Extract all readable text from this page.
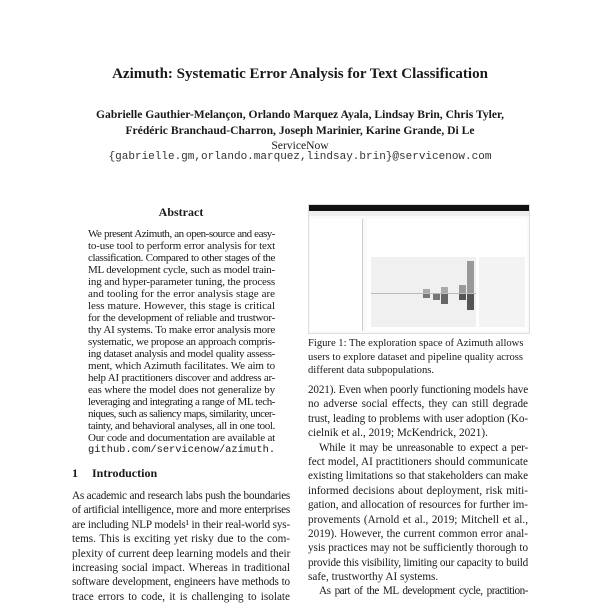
Azimuth: Systematic Error Analysis for Text Classification
Gabrielle Gauthier-Melançon, Orlando Marquez Ayala, Lindsay Brin, Chris Tyler,
Frédéric Branchaud-Charron, Joseph Marinier, Karine Grande, Di Le
ServiceNow
{gabrielle.gm,orlando.marquez,lindsay.brin}@servicenow.com
Abstract
We present Azimuth, an open-source and easy-
to-use tool to perform error analysis for text
classification. Compared to other stages of the
ML development cycle, such as model train-
ing and hyper-parameter tuning, the process
and tooling for the error analysis stage are
less mature. However, this stage is critical
for the development of reliable and trustwor-
thy AI systems. To make error analysis more
systematic, we propose an approach compris-
ing dataset analysis and model quality assess-
ment, which Azimuth facilitates. We aim to
help AI practitioners discover and address ar-
eas where the model does not generalize by
leveraging and integrating a range of ML tech-
niques, such as saliency maps, similarity, uncer-
tainty, and behavioral analyses, all in one tool.
Our code and documentation are available at
github.com/servicenow/azimuth.
1 Introduction
As academic and research labs push the boundaries
of artificial intelligence, more and more enterprises
are including NLP models¹ in their real-world sys-
tems. This is exciting yet risky due to the com-
plexity of current deep learning models and their
increasing social impact. Whereas in traditional
software development, engineers have methods to
trace errors to code, it is challenging to isolate
Figure 1: The exploration space of Azimuth allows users to explore dataset and pipeline quality across different data subpopulations.
2021). Even when poorly functioning models have
no adverse social effects, they can still degrade
trust, leading to problems with user adoption (Ko-
cielnik et al., 2019; McKendrick, 2021).
While it may be unreasonable to expect a per-
fect model, AI practitioners should communicate
existing limitations so that stakeholders can make
informed decisions about deployment, risk miti-
gation, and allocation of resources for further im-
provements (Arnold et al., 2019; Mitchell et al.,
2019). However, the current common error anal-
ysis practices may not be sufficiently thorough to
provide this visibility, limiting our capacity to build
safe, trustworthy AI systems.
As part of the ML development cycle, practition-
